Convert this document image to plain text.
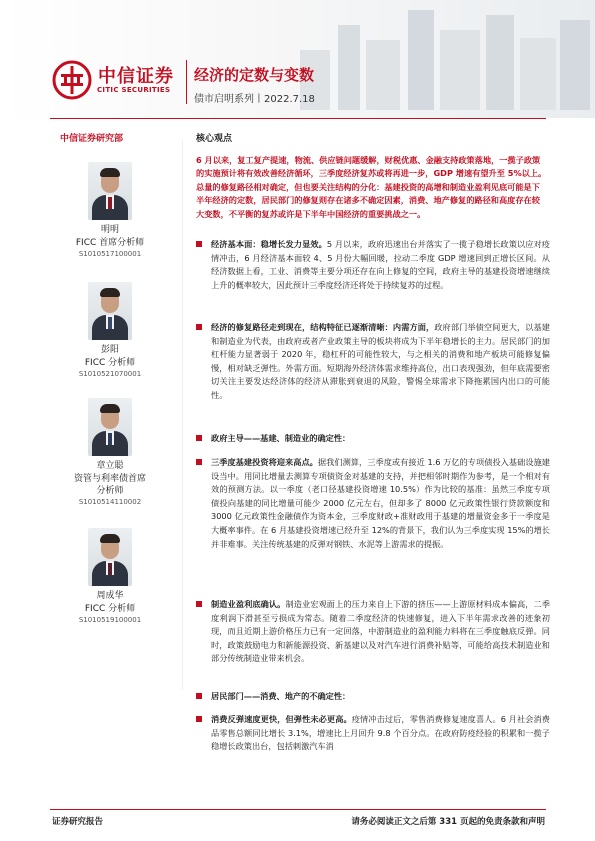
中信证券
CITIC SECURITIES
经济的定数与变数
债市启明系列丨2022.7.18
中信证券研究部
明明
FICC 首席分析师
S1010517100001
彭阳
FICC 分析师
S1010521070001
章立聪
资管与利率债首席
分析师
S1010514110002
周成华
FICC 分析师
S1010519100001
核心观点
6 月以来，复工复产提速，物流、供应链问题缓解，财税优惠、金融支持政策落地，一揽子政策的实施预计将有效改善经济循环，三季度经济复苏或将再进一步，GDP 增速有望升至 5%以上。总量的修复路径相对确定，但也要关注结构的分化：基建投资的高增和制造业盈利见底可能是下半年经济的定数，居民部门的修复则存在诸多不确定因素，消费、地产修复的路径和高度存在较大变数，不平衡的复苏或许是下半年中国经济的重要挑战之一。
经济基本面：稳增长发力显效。5 月以来，政府迅速出台并落实了一揽子稳增长政策以应对疫情冲击，6 月经济基本面较 4、5 月份大幅回暖，拉动二季度 GDP 增速回到正增长区间。从经济数据上看，工业、消费等主要分项还存在向上修复的空间，政府主导的基建投资增速继续上升的概率较大，因此预计三季度经济还将处于持续复苏的过程。
经济的修复路径走到现在，结构特征已逐渐清晰：内需方面，政府部门举债空间更大，以基建和制造业为代表，由政府或者产业政策主导的板块将成为下半年稳增长的主力。居民部门的加杠杆能力显著弱于 2020 年，稳杠杆的可能性较大，与之相关的消费和地产板块可能修复偏慢，相对缺乏弹性。外需方面。短期海外经济体需求维持高位，出口表现强劲，但年底需要密切关注主要发达经济体的经济从滞胀到衰退的风险，警惕全球需求下降拖累国内出口的可能性。
政府主导——基建、制造业的确定性：
三季度基建投资将迎来高点。据我们测算，三季度或有接近 1.6 万亿的专项债投入基础设施建设当中。用同比增量去测算专项债资金对基建的支持，并把相邻时期作为参考，是一个相对有效的预测方法。以一季度（老口径基建投资增速 10.5%）作为比较的基准：虽然三季度专项债投向基建的同比增量可能少 2000 亿元左右，但却多了 8000 亿元政策性银行贷款额度和 3000 亿元政策性金融债作为资本金，三季度财政+准财政用于基建的增量资金多于一季度是大概率事件。在 6 月基建投资增速已经升至 12%的背景下，我们认为三季度实现 15%的增长并非难事。关注传统基建的反弹对钢铁、水泥等上游需求的提振。
制造业盈利底确认。制造业宏观面上的压力来自上下游的挤压——上游原材料成本偏高，二季度利润下滑甚至亏损成为常态。随着二季度经济的快速修复，进入下半年需求改善的迹象初现，而且近期上游价格压力已有一定回落，中游制造业的盈利能力料将在三季度触底反弹。同时，政策鼓励电力和新能源投资、新基建以及对汽车进行消费补贴等，可能给高技术制造业和部分传统制造业带来机会。
居民部门——消费、地产的不确定性：
消费反弹速度更快，但弹性未必更高。疫情冲击过后，零售消费修复速度喜人。6 月社会消费品零售总额同比增长 3.1%，增速比上月回升 9.8 个百分点。在政府防疫经验的积累和一揽子稳增长政策出台，包括刺激汽车消
证券研究报告	请务必阅读正文之后第 331 页起的免责条款和声明
